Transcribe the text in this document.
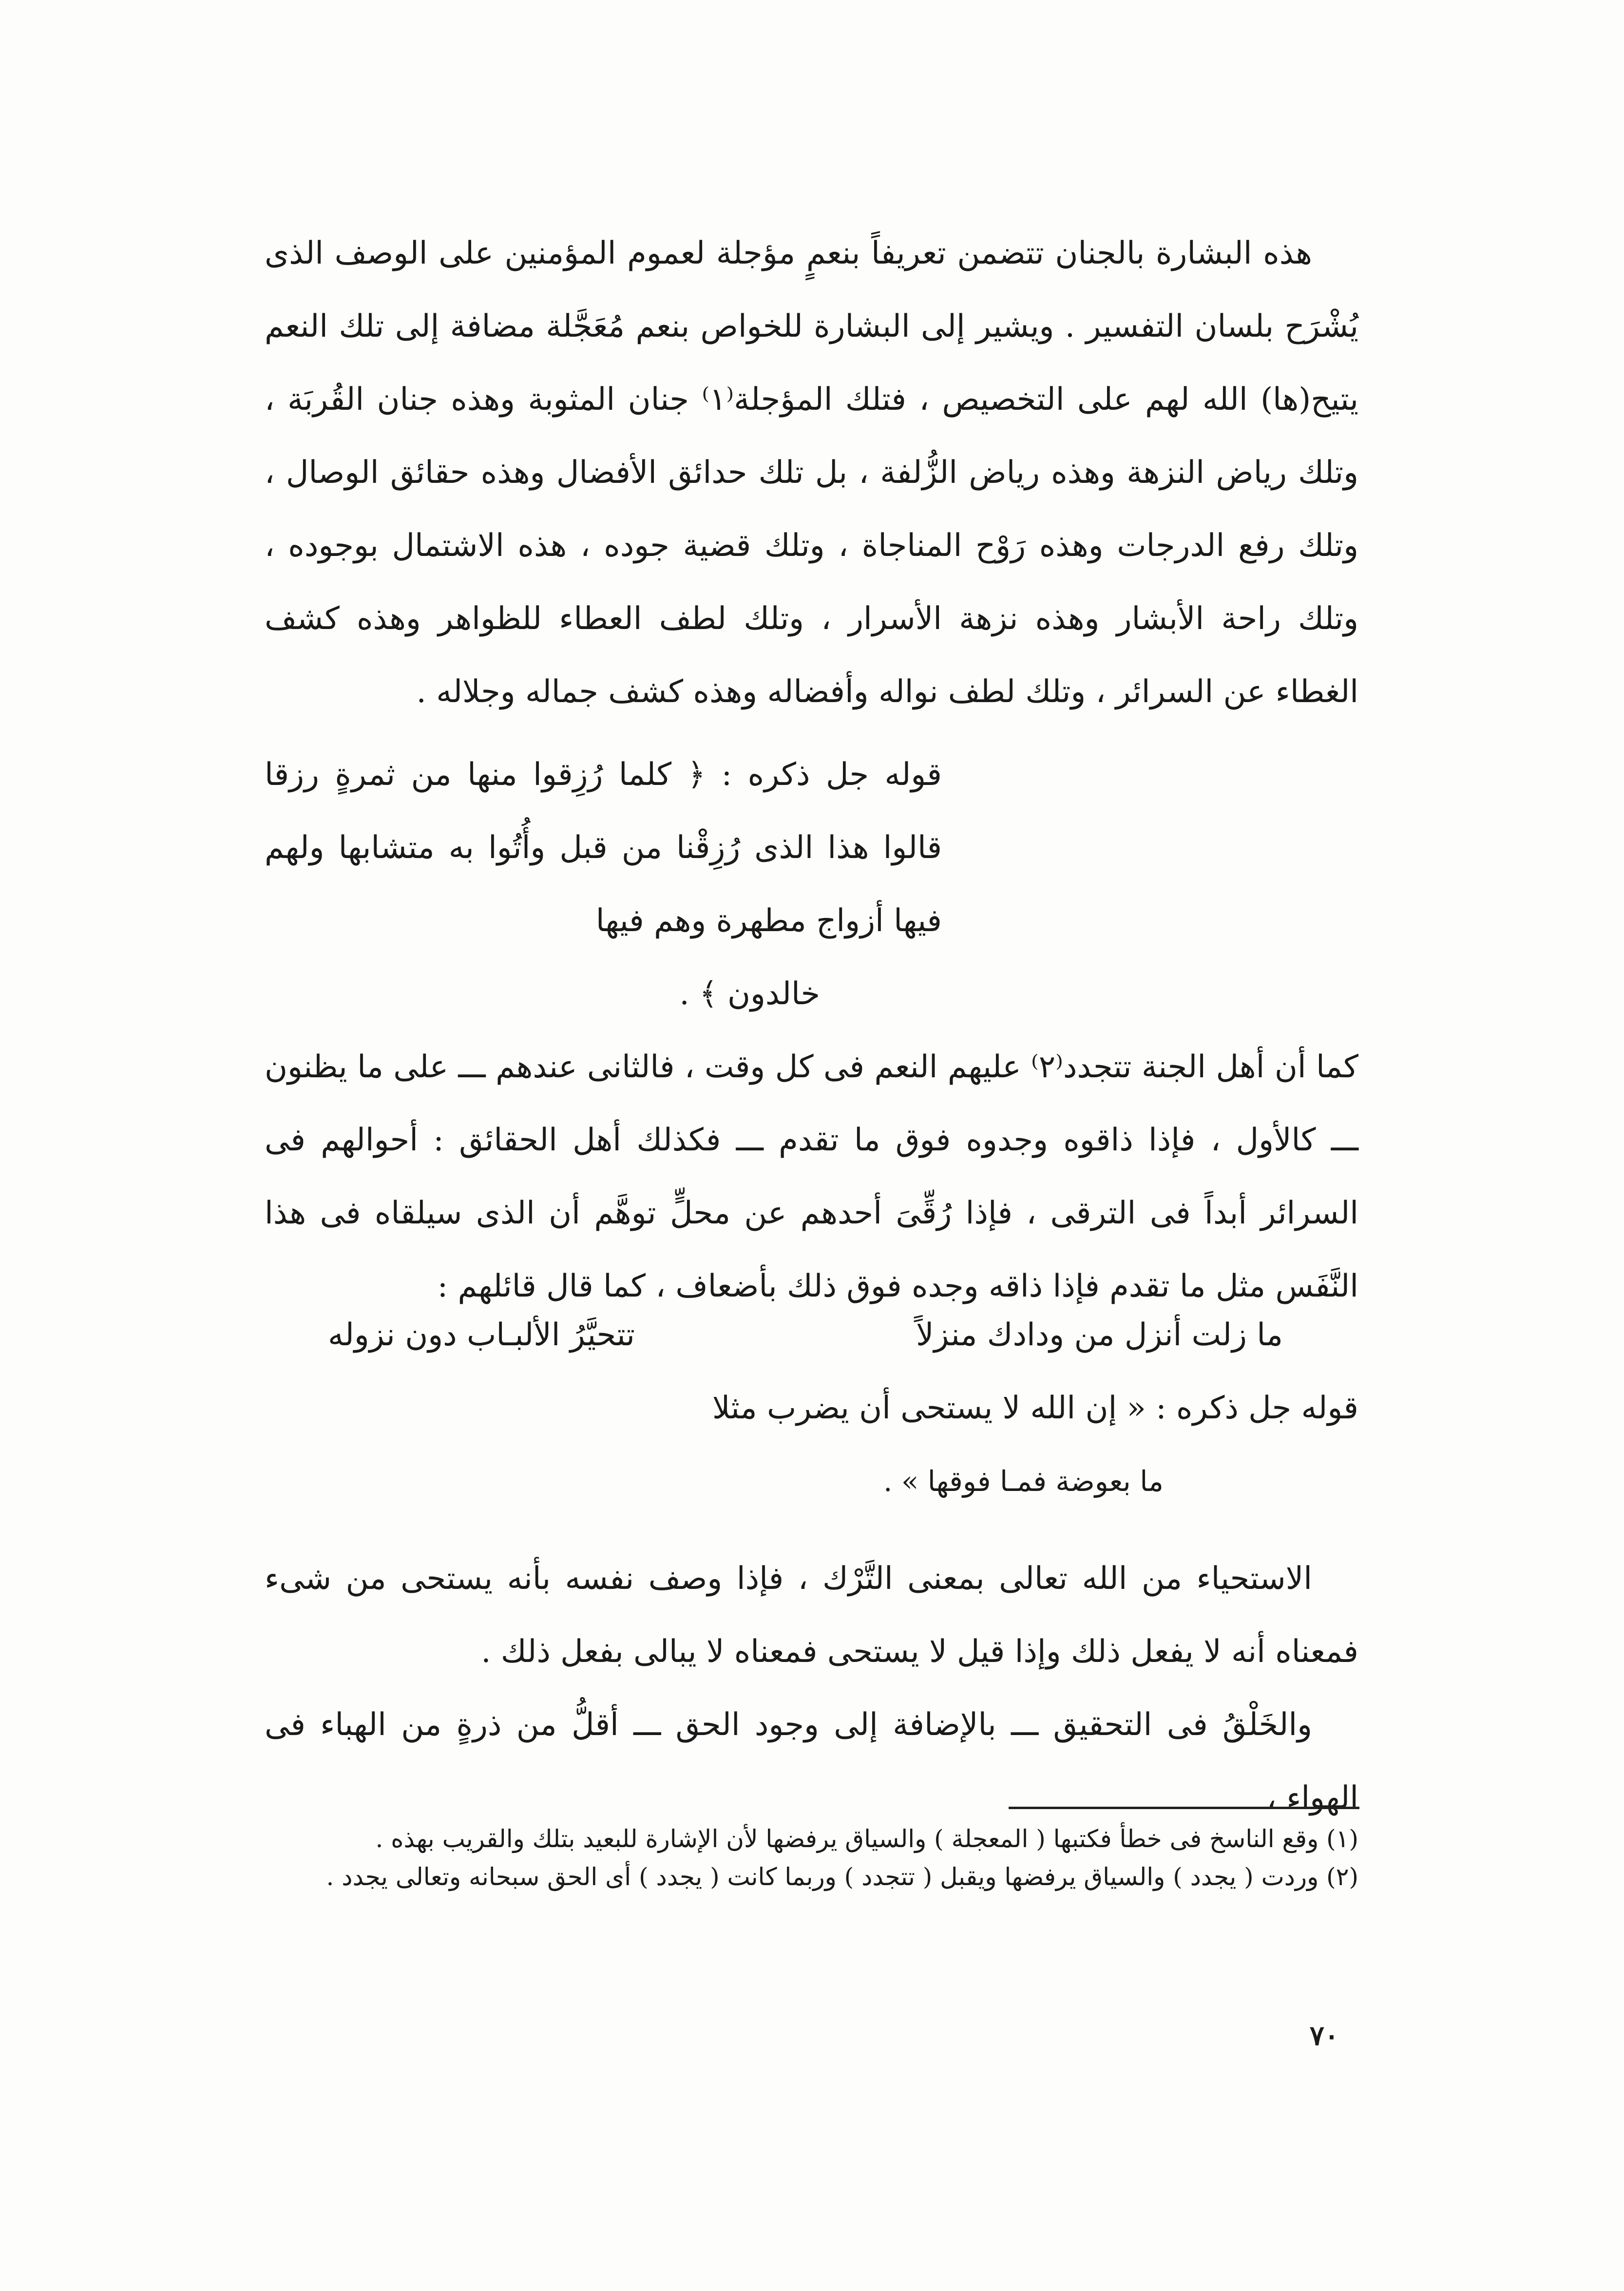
هذه البشارة بالجنان تتضمن تعريفاً بنعمٍ مؤجلة لعموم المؤمنين على الوصف الذى يُشْرَح بلسان التفسير . ويشير إلى البشارة للخواص بنعم مُعَجَّلة مضافة إلى تلك النعم يتيح(ها) الله لهم على التخصيص ، فتلك المؤجلة⁽١⁾ جنان المثوبة وهذه جنان القُربَة ، وتلك رياض النزهة وهذه رياض الزُّلفة ، بل تلك حدائق الأفضال وهذه حقائق الوصال ، وتلك رفع الدرجات وهذه رَوْح المناجاة ، وتلك قضية جوده ، هذه الاشتمال بوجوده ، وتلك راحة الأبشار وهذه نزهة الأسرار ، وتلك لطف العطاء للظواهر وهذه كشف الغطاء عن السرائر ، وتلك لطف نواله وأفضاله وهذه كشف جماله وجلاله .

قوله جل ذكره : ﴿ كلما رُزِقوا منها من ثمرةٍ رزقا قالوا هذا الذى رُزِقْنا من قبل وأُتُوا به متشابها ولهم فيها أزواج مطهرة وهم فيها
خالدون ﴾ .

كما أن أهل الجنة تتجدد⁽٢⁾ عليهم النعم فى كل وقت ، فالثانى عندهم ـــ على ما يظنون ـــ كالأول ، فإذا ذاقوه وجدوه فوق ما تقدم ـــ فكذلك أهل الحقائق : أحوالهم فى السرائر أبداً فى الترقى ، فإذا رُقِّىَ أحدهم عن محلٍّ توهَّم أن الذى سيلقاه فى هذا النَّفَس مثل ما تقدم فإذا ذاقه وجده فوق ذلك بأضعاف ، كما قال قائلهم :

ما زلت أنزل من ودادك منزلاً
تتحيَّرُ الألبـاب دون نزوله

قوله جل ذكره : « إن الله لا يستحى أن يضرب مثلا
ما بعوضة فمـا فوقها » .

الاستحياء من الله تعالى بمعنى التَّرْك ، فإذا وصف نفسه بأنه يستحى من شىء فمعناه أنه لا يفعل ذلك وإذا قيل لا يستحى فمعناه لا يبالى بفعل ذلك .

والخَلْقُ فى التحقيق ـــ بالإضافة إلى وجود الحق ـــ أقلُّ من ذرةٍ من الهباء فى الهواء ،

(١) وقع الناسخ فى خطأ فكتبها ( المعجلة ) والسياق يرفضها لأن الإشارة للبعيد بتلك والقريب بهذه .

(٢) وردت ( يجدد ) والسياق يرفضها ويقبل ( تتجدد ) وربما كانت ( يجدد ) أى الحق سبحانه وتعالى يجدد .

٧٠
